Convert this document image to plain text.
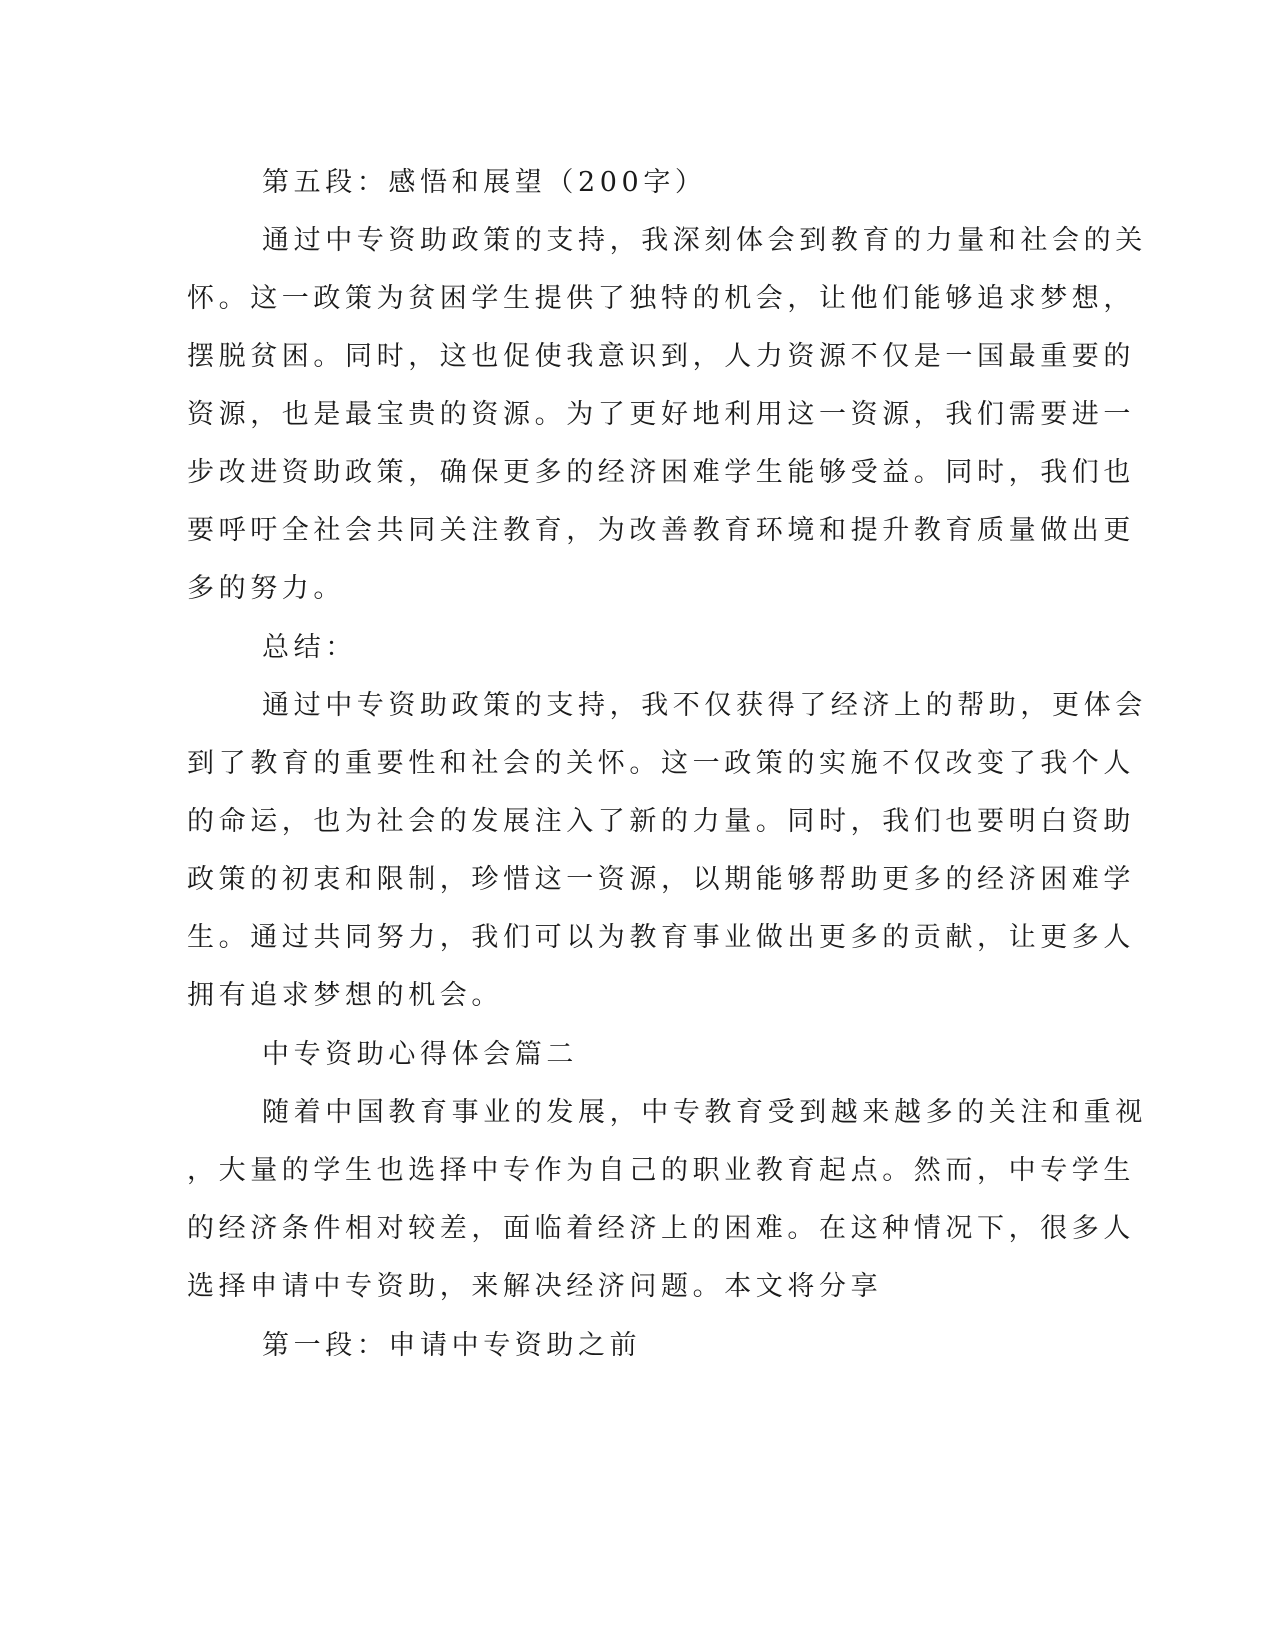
第五段：感悟和展望（200字）

通过中专资助政策的支持，我深刻体会到教育的力量和社会的关

怀。这一政策为贫困学生提供了独特的机会，让他们能够追求梦想，

摆脱贫困。同时，这也促使我意识到，人力资源不仅是一国最重要的

资源，也是最宝贵的资源。为了更好地利用这一资源，我们需要进一

步改进资助政策，确保更多的经济困难学生能够受益。同时，我们也

要呼吁全社会共同关注教育，为改善教育环境和提升教育质量做出更

多的努力。

总结：

通过中专资助政策的支持，我不仅获得了经济上的帮助，更体会

到了教育的重要性和社会的关怀。这一政策的实施不仅改变了我个人

的命运，也为社会的发展注入了新的力量。同时，我们也要明白资助

政策的初衷和限制，珍惜这一资源，以期能够帮助更多的经济困难学

生。通过共同努力，我们可以为教育事业做出更多的贡献，让更多人

拥有追求梦想的机会。

中专资助心得体会篇二

随着中国教育事业的发展，中专教育受到越来越多的关注和重视

，大量的学生也选择中专作为自己的职业教育起点。然而，中专学生

的经济条件相对较差，面临着经济上的困难。在这种情况下，很多人

选择申请中专资助，来解决经济问题。本文将分享

第一段：申请中专资助之前
